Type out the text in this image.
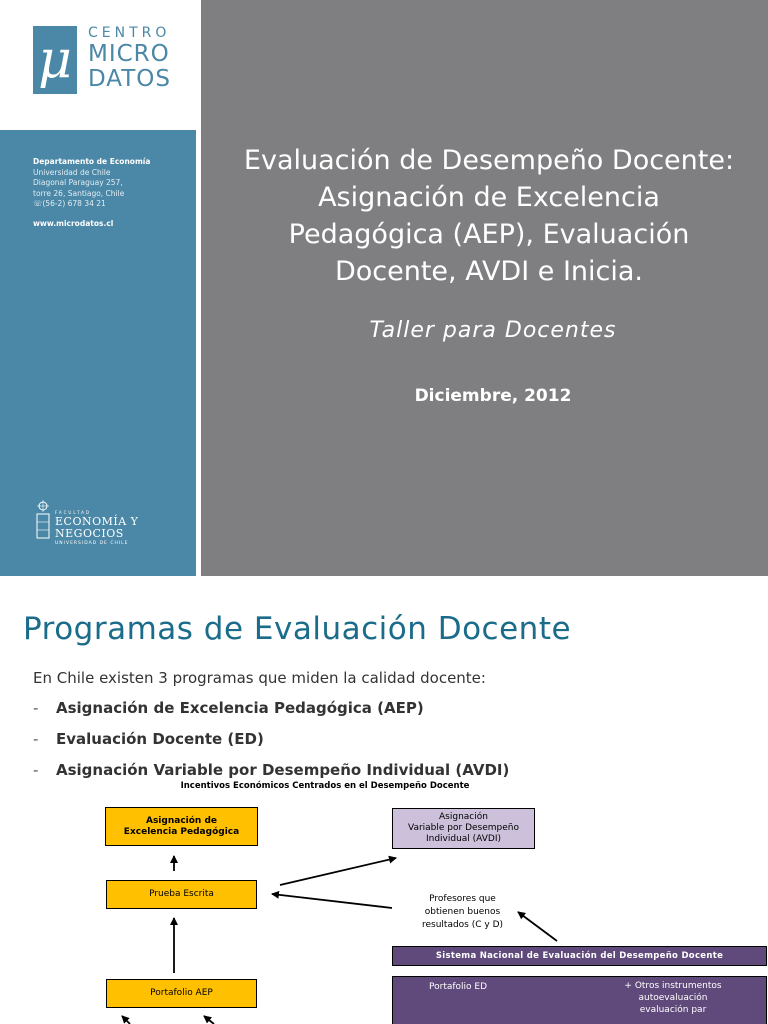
μ	CENTRO
MICRO
DATOS
Departamento de Economía
Universidad de Chile
Diagonal Paraguay 257,
torre 26, Santiago, Chile
☏(56-2) 678 34 21
www.microdatos.cl
FACULTAD
ECONOMÍA Y
NEGOCIOS
UNIVERSIDAD DE CHILE
Evaluación de Desempeño Docente:
Asignación de Excelencia
Pedagógica (AEP), Evaluación
Docente, AVDI e Inicia.
Taller para Docentes
Diciembre, 2012
Programas de Evaluación Docente
En Chile existen 3 programas que miden la calidad docente:
- Asignación de Excelencia Pedagógica (AEP)
- Evaluación Docente (ED)
- Asignación Variable por Desempeño Individual (AVDI)
Incentivos Económicos Centrados en el Desempeño Docente
Asignación de
Excelencia Pedagógica
Prueba Escrita
Portafolio AEP
Asignación
Variable por Desempeño
Individual (AVDI)
Profesores que
obtienen buenos
resultados (C y D)
Sistema Nacional de Evaluación del Desempeño Docente
Portafolio ED	+ Otros instrumentos
autoevaluación
evaluación par
